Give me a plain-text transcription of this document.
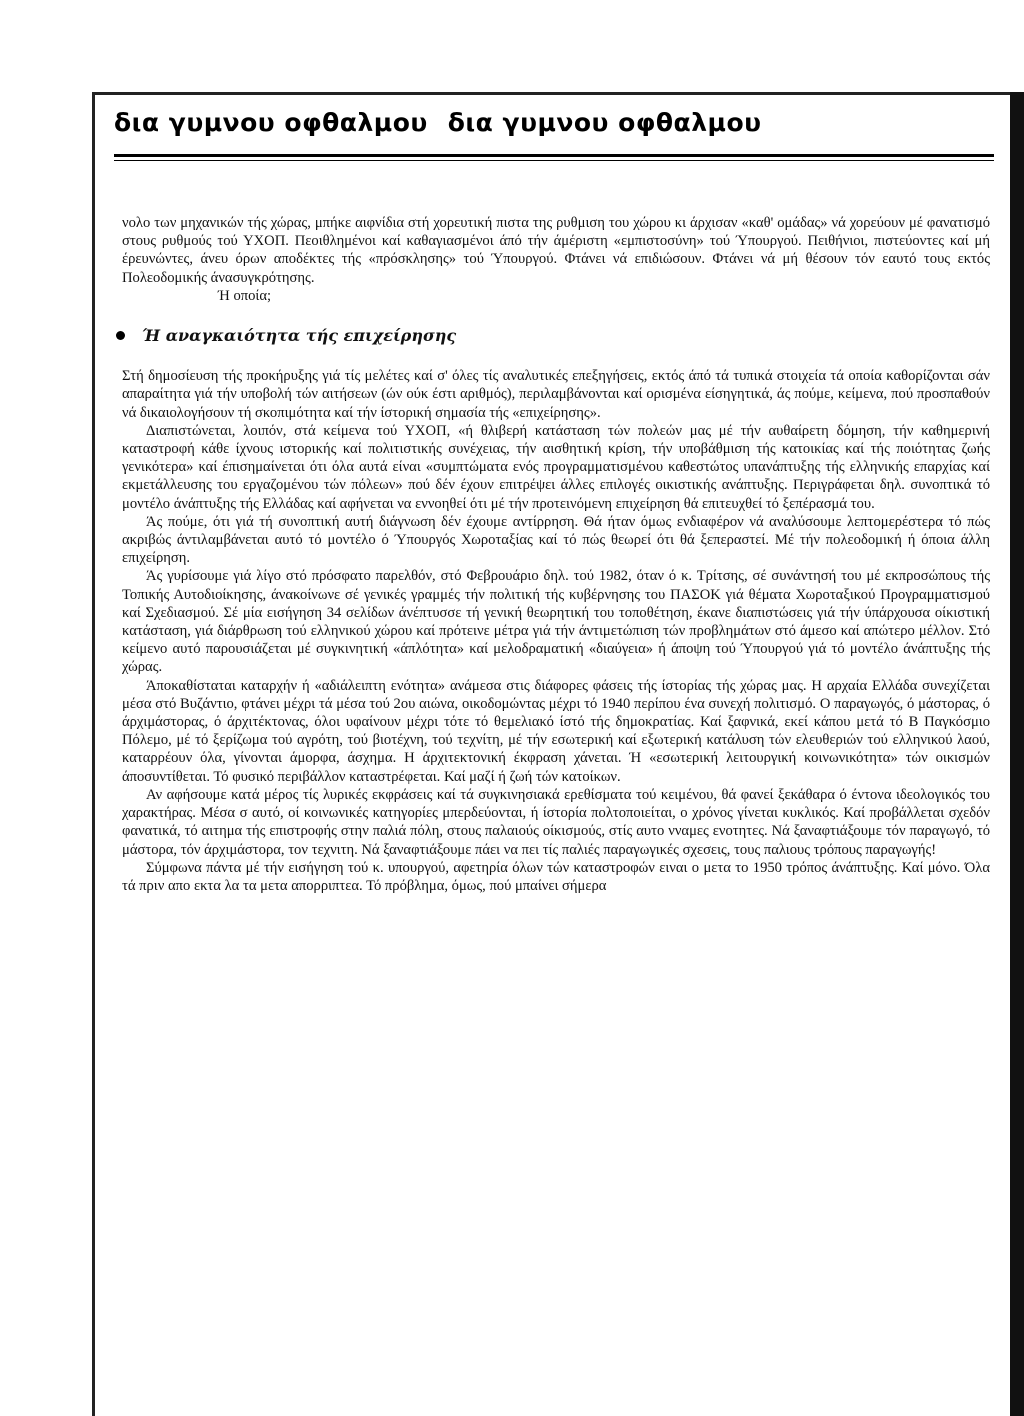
δια γυμνου οφθαλμου δια γυμνου οφθαλμου

νολο των μηχανικών τής χώρας, μπήκε αιφνίδια στή χορευτική πιστα της ρυθμιση του χώρου κι άρχισαν «καθ' ομάδας» νά χορεύουν μέ φανατισμό στους ρυθμούς τού ΥΧΟΠ. Πεοιθλημένοι καί καθαγιασμένοι άπό τήν άμέριστη «εμπιστοσύνη» τού Ύπουργού. Πειθήνιοι, πιστεύοντες καί μή έρευνώντες, άνευ όρων αποδέκτες τής «πρόσκλησης» τού Ύπουργού. Φτάνει νά επιδιώσουν. Φτάνει νά μή θέσουν τόν εαυτό τους εκτός Πολεοδομικής άνασυγκρότησης.

Ή οποία;

Ή αναγκαιότητα τής επιχείρησης

Στή δημοσίευση τής προκήρυξης γιά τίς μελέτες καί σ' όλες τίς αναλυτικές επεξηγήσεις, εκτός άπό τά τυπικά στοιχεία τά οποία καθορίζονται σάν απαραίτητα γιά τήν υποβολή τών αιτήσεων (ών ούκ έστι αριθμός), περιλαμβάνονται καί ορισμένα είσηγητικά, άς πούμε, κείμενα, πού προσπαθούν νά δικαιολογήσουν τή σκοπιμότητα καί τήν ίστορική σημασία τής «επιχείρησης».

Διαπιστώνεται, λοιπόν, στά κείμενα τού ΥΧΟΠ, «ή θλιβερή κατάσταση τών πολεών μας μέ τήν αυθαίρετη δόμηση, τήν καθημερινή καταστροφή κάθε ίχνους ιστορικής καί πολιτιστικής συνέχειας, τήν αισθητική κρίση, τήν υποβάθμιση τής κατοικίας καί τής ποιότητας ζωής γενικότερα» καί έπισημαίνεται ότι όλα αυτά είναι «συμπτώματα ενός προγραμματισμένου καθεστώτος υπανάπτυξης τής ελληνικής επαρχίας καί εκμετάλλευσης του εργαζομένου τών πόλεων» πού δέν έχουν επιτρέψει άλλες επιλογές οικιστικής ανάπτυξης. Περιγράφεται δηλ. συνοπτικά τό μοντέλο άνάπτυξης τής Ελλάδας καί αφήνεται να εννοηθεί ότι μέ τήν προτεινόμενη επιχείρηση θά επιτευχθεί τό ξεπέρασμά του.

Άς πούμε, ότι γιά τή συνοπτική αυτή διάγνωση δέν έχουμε αντίρρηση. Θά ήταν όμως ενδιαφέρον νά αναλύσουμε λεπτομερέστερα τό πώς ακριβώς άντιλαμβάνεται αυτό τό μοντέλο ό Ύπουργός Χωροταξίας καί τό πώς θεωρεί ότι θά ξεπεραστεί. Μέ τήν πολεοδομική ή όποια άλλη επιχείρηση.

Άς γυρίσουμε γιά λίγο στό πρόσφατο παρελθόν, στό Φεβρουάριο δηλ. τού 1982, όταν ό κ. Τρίτσης, σέ συνάντησή του μέ εκπροσώπους τής Τοπικής Αυτοδιοίκησης, άνακοίνωνε σέ γενικές γραμμές τήν πολιτική τής κυβέρνησης του ΠΑΣΟΚ γιά θέματα Χωροταξικού Προγραμματισμού καί Σχεδιασμού. Σέ μία εισήγηση 34 σελίδων άνέπτυσσε τή γενική θεωρητική του τοποθέτηση, έκανε διαπιστώσεις γιά τήν ύπάρχουσα οίκιστική κατάσταση, γιά διάρθρωση τού ελληνικού χώρου καί πρότεινε μέτρα γιά τήν άντιμετώπιση τών προβλημάτων στό άμεσο καί απώτερο μέλλον. Στό κείμενο αυτό παρουσιάζεται μέ συγκινητική «άπλότητα» καί μελοδραματική «διαύγεια» ή άποψη τού Ύπουργού γιά τό μοντέλο άνάπτυξης τής χώρας.

Άποκαθίσταται καταρχήν ή «αδιάλειπτη ενότητα» ανάμεσα στις διάφορες φάσεις τής ίστορίας τής χώρας μας. Η αρχαία Ελλάδα συνεχίζεται μέσα στό Βυζάντιο, φτάνει μέχρι τά μέσα τού 2ου αιώνα, οικοδομώντας μέχρι τό 1940 περίπου ένα συνεχή πολιτισμό. Ο παραγωγός, ό μάστορας, ό άρχιμάστορας, ό άρχιτέκτονας, όλοι υφαίνουν μέχρι τότε τό θεμελιακό ίστό τής δημοκρατίας. Καί ξαφνικά, εκεί κάπου μετά τό Β Παγκόσμιο Πόλεμο, μέ τό ξερίζωμα τού αγρότη, τού βιοτέχνη, τού τεχνίτη, μέ τήν εσωτερική καί εξωτερική κατάλυση τών ελευθεριών τού ελληνικού λαού, καταρρέουν όλα, γίνονται άμορφα, άσχημα. Η άρχιτεκτονική έκφραση χάνεται. Ή «εσωτερική λειτουργική κοινωνικότητα» τών οικισμών άποσυντίθεται. Τό φυσικό περιβάλλον καταστρέφεται. Καί μαζί ή ζωή τών κατοίκων.

Αν αφήσουμε κατά μέρος τίς λυρικές εκφράσεις καί τά συγκινησιακά ερεθίσματα τού κειμένου, θά φανεί ξεκάθαρα ό έντονα ιδεολογικός του χαρακτήρας. Μέσα σ αυτό, οί κοινωνικές κατηγορίες μπερδεύονται, ή ίστορία πολτοποιείται, ο χρόνος γίνεται κυκλικός. Καί προβάλλεται σχεδόν φανατικά, τό αιτημα τής επιστροφής στην παλιά πόλη, στους παλαιούς οίκισμούς, στίς αυτο νναμες ενοτητες. Νά ξαναφτιάξουμε τόν παραγωγό, τό μάστορα, τόν άρχιμάστορα, τον τεχνιτη. Νά ξαναφτιάξουμε πάει να πει τίς παλιές παραγωγικές σχεσεις, τους παλιους τρόπους παραγωγής!

Σύμφωνα πάντα μέ τήν εισήγηση τού κ. υπουργού, αφετηρία όλων τών καταστροφών ειναι ο μετα το 1950 τρόπος άνάπτυξης. Καί μόνο. Όλα τά πριν απο εκτα λα τα μετα απορριπτεα. Τό πρόβλημα, όμως, πού μπαίνει σήμερα
